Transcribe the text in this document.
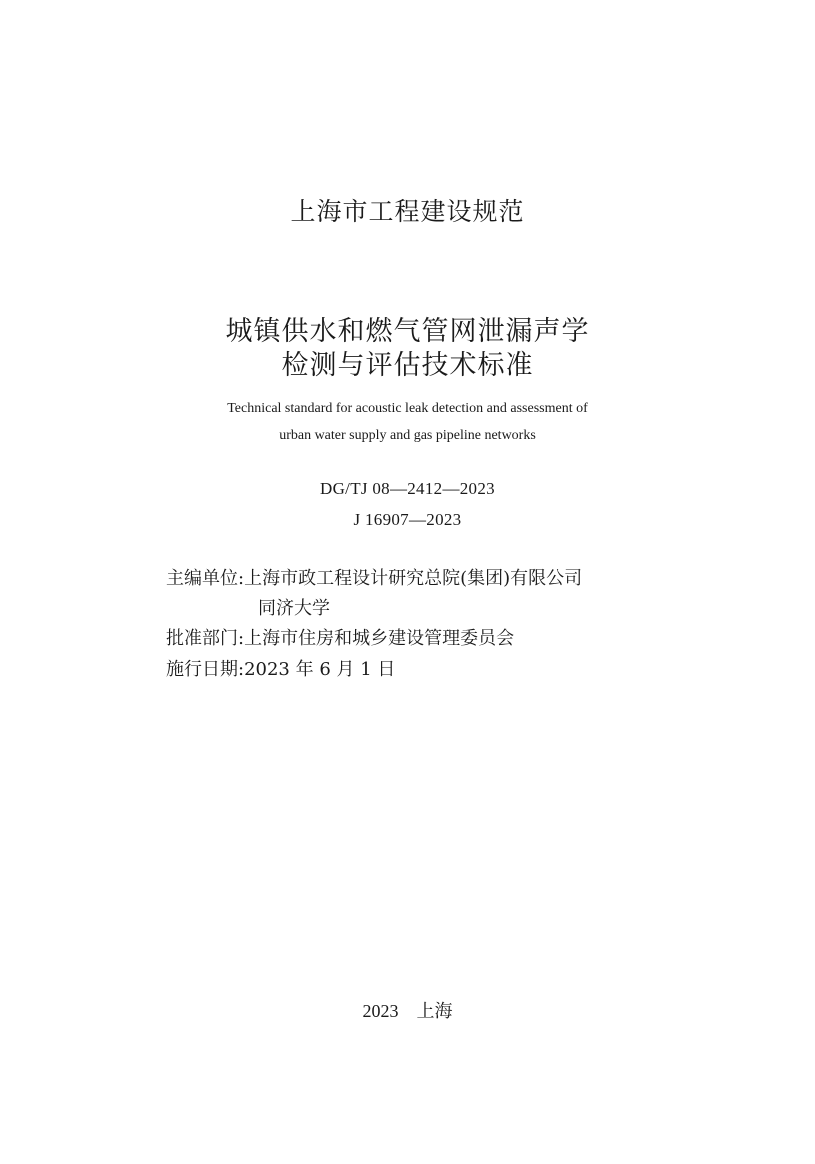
上海市工程建设规范
城镇供水和燃气管网泄漏声学
检测与评估技术标准
Technical standard for acoustic leak detection and assessment of
urban water supply and gas pipeline networks
DG/TJ 08—2412—2023
J 16907—2023
主编单位:上海市政工程设计研究总院(集团)有限公司
同济大学
批准部门:上海市住房和城乡建设管理委员会
施行日期:2023 年 6 月 1 日
2023 上海
